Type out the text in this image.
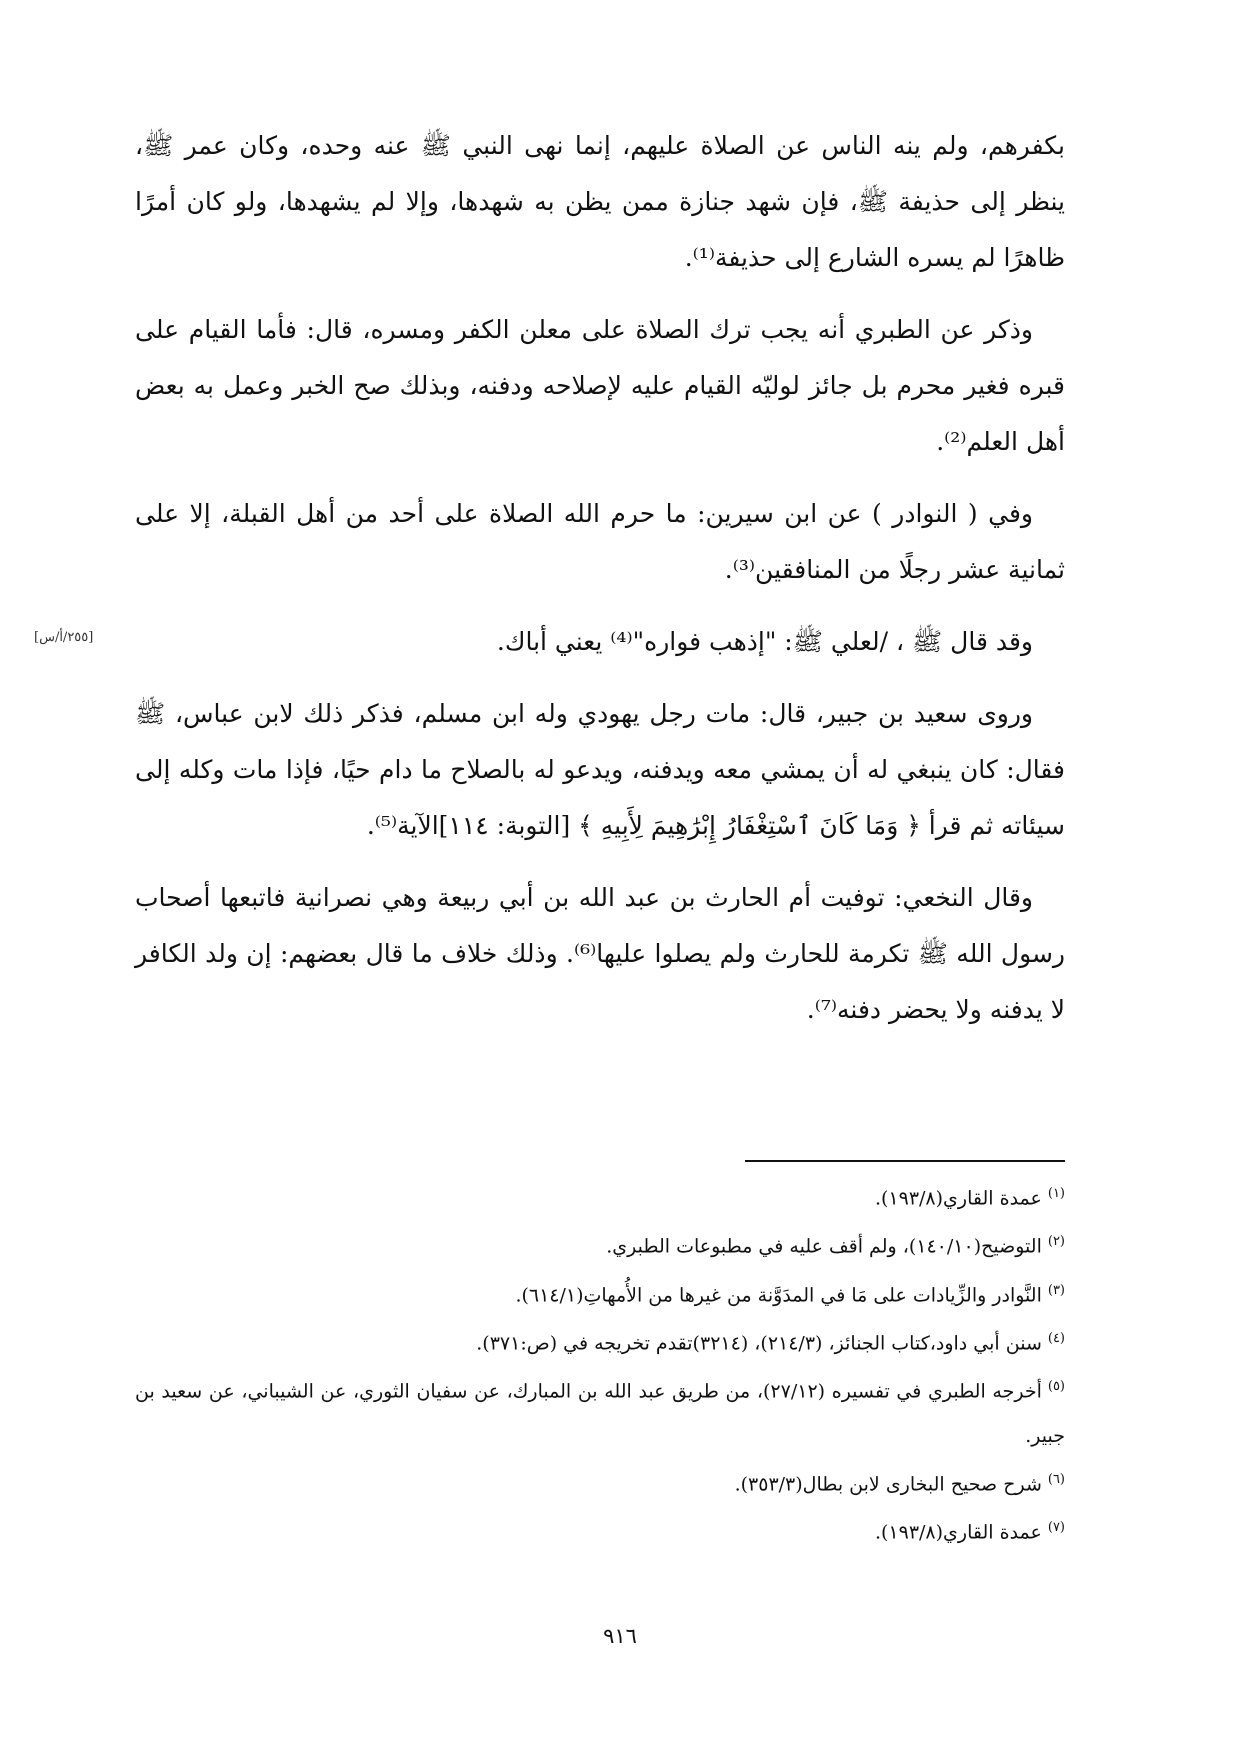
بكفرهم، ولم ينه الناس عن الصلاة عليهم، إنما نهى النبي ﷺ عنه وحده، وكان عمر ﷺ، ينظر إلى حذيفة ﷺ، فإن شهد جنازة ممن يظن به شهدها، وإلا لم يشهدها، ولو كان أمرًا ظاهرًا لم يسره الشارع إلى حذيفة⁽¹⁾.

وذكر عن الطبري أنه يجب ترك الصلاة على معلن الكفر ومسره، قال: فأما القيام على قبره فغير محرم بل جائز لوليّه القيام عليه لإصلاحه ودفنه، وبذلك صح الخبر وعمل به بعض أهل العلم⁽²⁾.

وفي ( النوادر ) عن ابن سيرين: ما حرم الله الصلاة على أحد من أهل القبلة، إلا على ثمانية عشر رجلًا من المنافقين⁽³⁾.

وقد قال ﷺ ، /لعلي ﷺ: "إذهب فواره"⁽⁴⁾ يعني أباك.

وروى سعيد بن جبير، قال: مات رجل يهودي وله ابن مسلم، فذكر ذلك لابن عباس، ﷺ فقال: كان ينبغي له أن يمشي معه ويدفنه، ويدعو له بالصلاح ما دام حيًا، فإذا مات وكله إلى سيئاته ثم قرأ ﴿ وَمَا كَانَ ٱسْتِغْفَارُ إِبْرَٰهِيمَ لِأَبِيهِ ﴾ [التوبة: ١١٤]الآية⁽⁵⁾.

وقال النخعي: توفيت أم الحارث بن عبد الله بن أبي ربيعة وهي نصرانية فاتبعها أصحاب رسول الله ﷺ تكرمة للحارث ولم يصلوا عليها⁽⁶⁾. وذلك خلاف ما قال بعضهم: إن ولد الكافر لا يدفنه ولا يحضر دفنه⁽⁷⁾.

[٢٥٥/أ/س]

$^{(١)}$عمدة القاري(١٩٣/٨).

$^{(٢)}$التوضيح(١٤٠/١٠)، ولم أقف عليه في مطبوعات الطبري.

$^{(٣)}$النَّوادر والزِّيادات على مَا في المدَوَّنة من غيرها من الأُمهاتِ(٦١٤/١).

$^{(٤)}$سنن أبي داود،كتاب الجنائز، (٢١٤/٣)، (٣٢١٤)تقدم تخريجه في (ص:٣٧١).

$^{(٥)}$أخرجه الطبري في تفسيره (٢٧/١٢)، من طريق عبد الله بن المبارك، عن سفيان الثوري، عن الشيباني، عن سعيد بن جبير.

$^{(٦)}$شرح صحيح البخارى لابن بطال(٣٥٣/٣).

$^{(٧)}$عمدة القاري(١٩٣/٨).

٩١٦
